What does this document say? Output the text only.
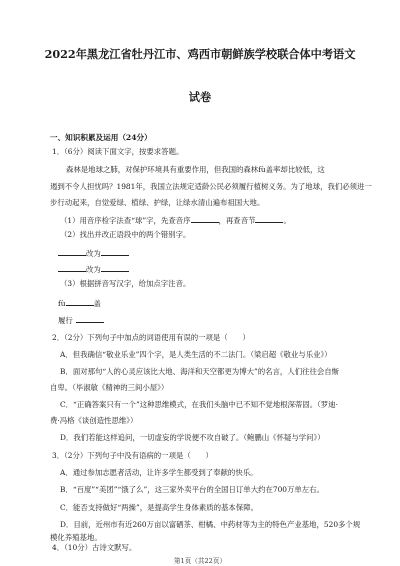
2022年黑龙江省牡丹江市、鸡西市朝鲜族学校联合体中考语文
试卷
一、知识积累及运用（24分）
1．（6分）阅读下面文字，按要求答题。
森林是地球之肺，对保护环境具有重要作用，但我国的森林fù盖率却比较低，这
遏到不令人担忧吗？1981年，我国立法规定适龄公民必须履行植树义务。为了地球，我们必须进一
步行动起来，自觉爱绿、植绿、护绿，让绿水清山遍布祖国大地。
（1）用音序检字法查“球”字，先查音序	，再查音节	。
（2）找出并改正语段中的两个错别字。
改为
改为
（3）根据拼音写汉字，给加点字注音。
fù	盖
履行
2．（2分）下列句子中加点的词语使用有误的一项是（　　）
A．但我确信“敬业乐业”四个字，是人类生活的不二法门。（梁启超《敬业与乐业》）
B．面对那句“人的心灵应该比大地、海洋和天空都更为博大”的名言，人们往往会自惭
自卑。（毕淑敏《精神的三间小屋》）
C．“正确答案只有一个”这种思维模式，在我们头脑中已不知不觉地根深蒂固。（罗迪·
费·冯格《谈创造性思维》）
D．我们若能这样追问，一切虚妄的学说便不攻自破了。（鲍鹏山《怀疑与学问》）
3．（2分）下列句子中没有语病的一项是（　　）
A．通过参加志愿者活动，让许多学生都受到了奉献的快乐。
B．“百度”“美团”“饿了么”，这三家外卖平台的全国日订单大约在700万单左右。
C．能否支持做好“两操”，是提高学生身体素质的基本保障。
D．目前，近州市有近260万亩以富硒茶、柑橘、中药材等为主的特色产业基地，520多个规
模化养殖基地。
4．（10分）古诗文默写。
第1页（共22页）
